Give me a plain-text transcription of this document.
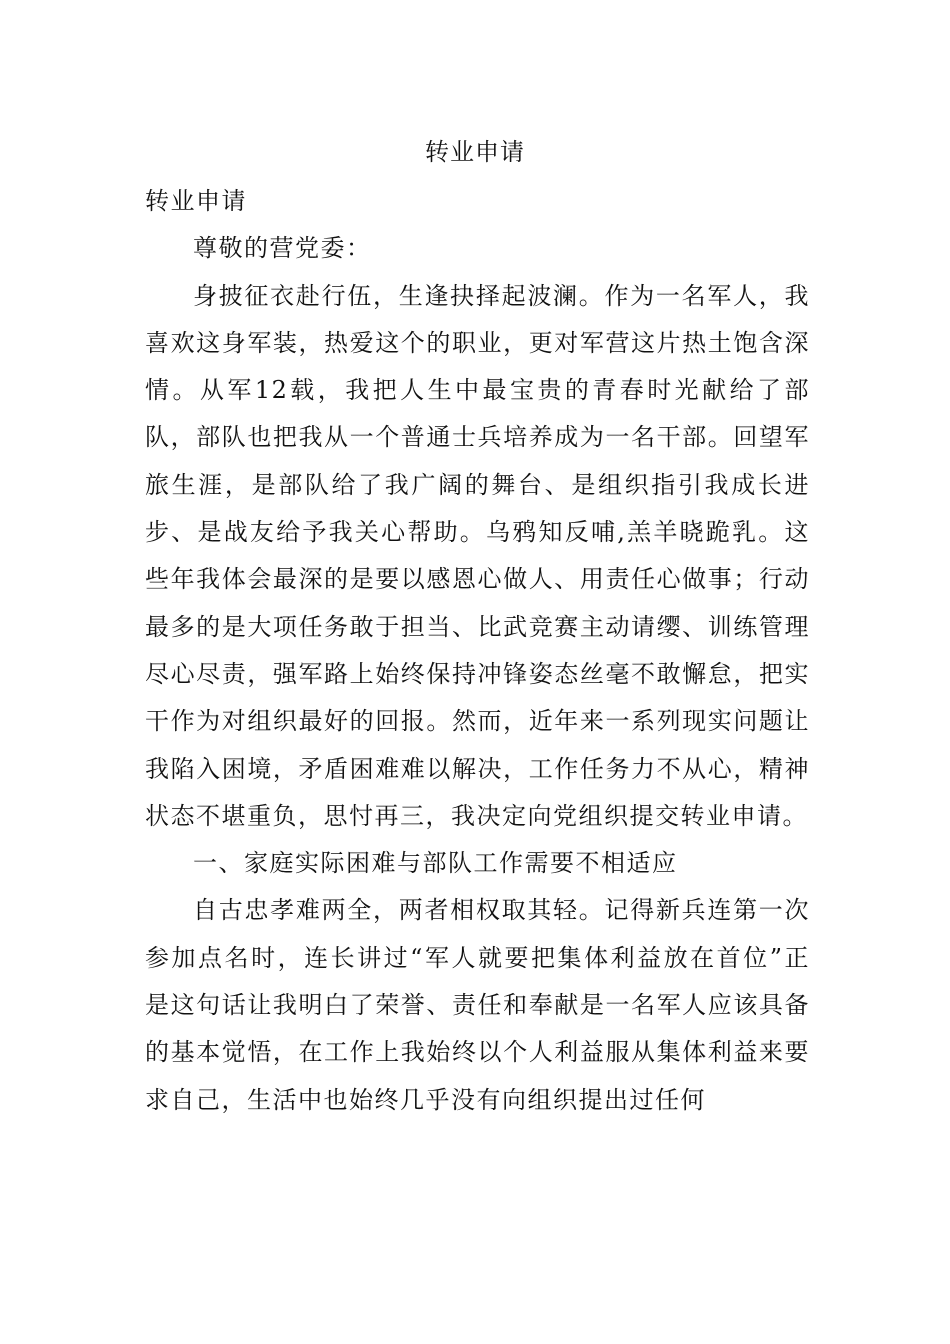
转业申请

转业申请

尊敬的营党委：

身披征衣赴行伍，生逢抉择起波澜。作为一名军人，我喜欢这身军装，热爱这个的职业，更对军营这片热土饱含深情。从军12载，我把人生中最宝贵的青春时光献给了部队，部队也把我从一个普通士兵培养成为一名干部。回望军旅生涯，是部队给了我广阔的舞台、是组织指引我成长进步、是战友给予我关心帮助。乌鸦知反哺,羔羊晓跪乳。这些年我体会最深的是要以感恩心做人、用责任心做事；行动最多的是大项任务敢于担当、比武竞赛主动请缨、训练管理尽心尽责，强军路上始终保持冲锋姿态丝毫不敢懈怠，把实干作为对组织最好的回报。然而，近年来一系列现实问题让我陷入困境，矛盾困难难以解决，工作任务力不从心，精神状态不堪重负，思忖再三，我决定向党组织提交转业申请。

一、家庭实际困难与部队工作需要不相适应

自古忠孝难两全，两者相权取其轻。记得新兵连第一次参加点名时，连长讲过“军人就要把集体利益放在首位”正是这句话让我明白了荣誉、责任和奉献是一名军人应该具备的基本觉悟，在工作上我始终以个人利益服从集体利益来要求自己，生活中也始终几乎没有向组织提出过任何
